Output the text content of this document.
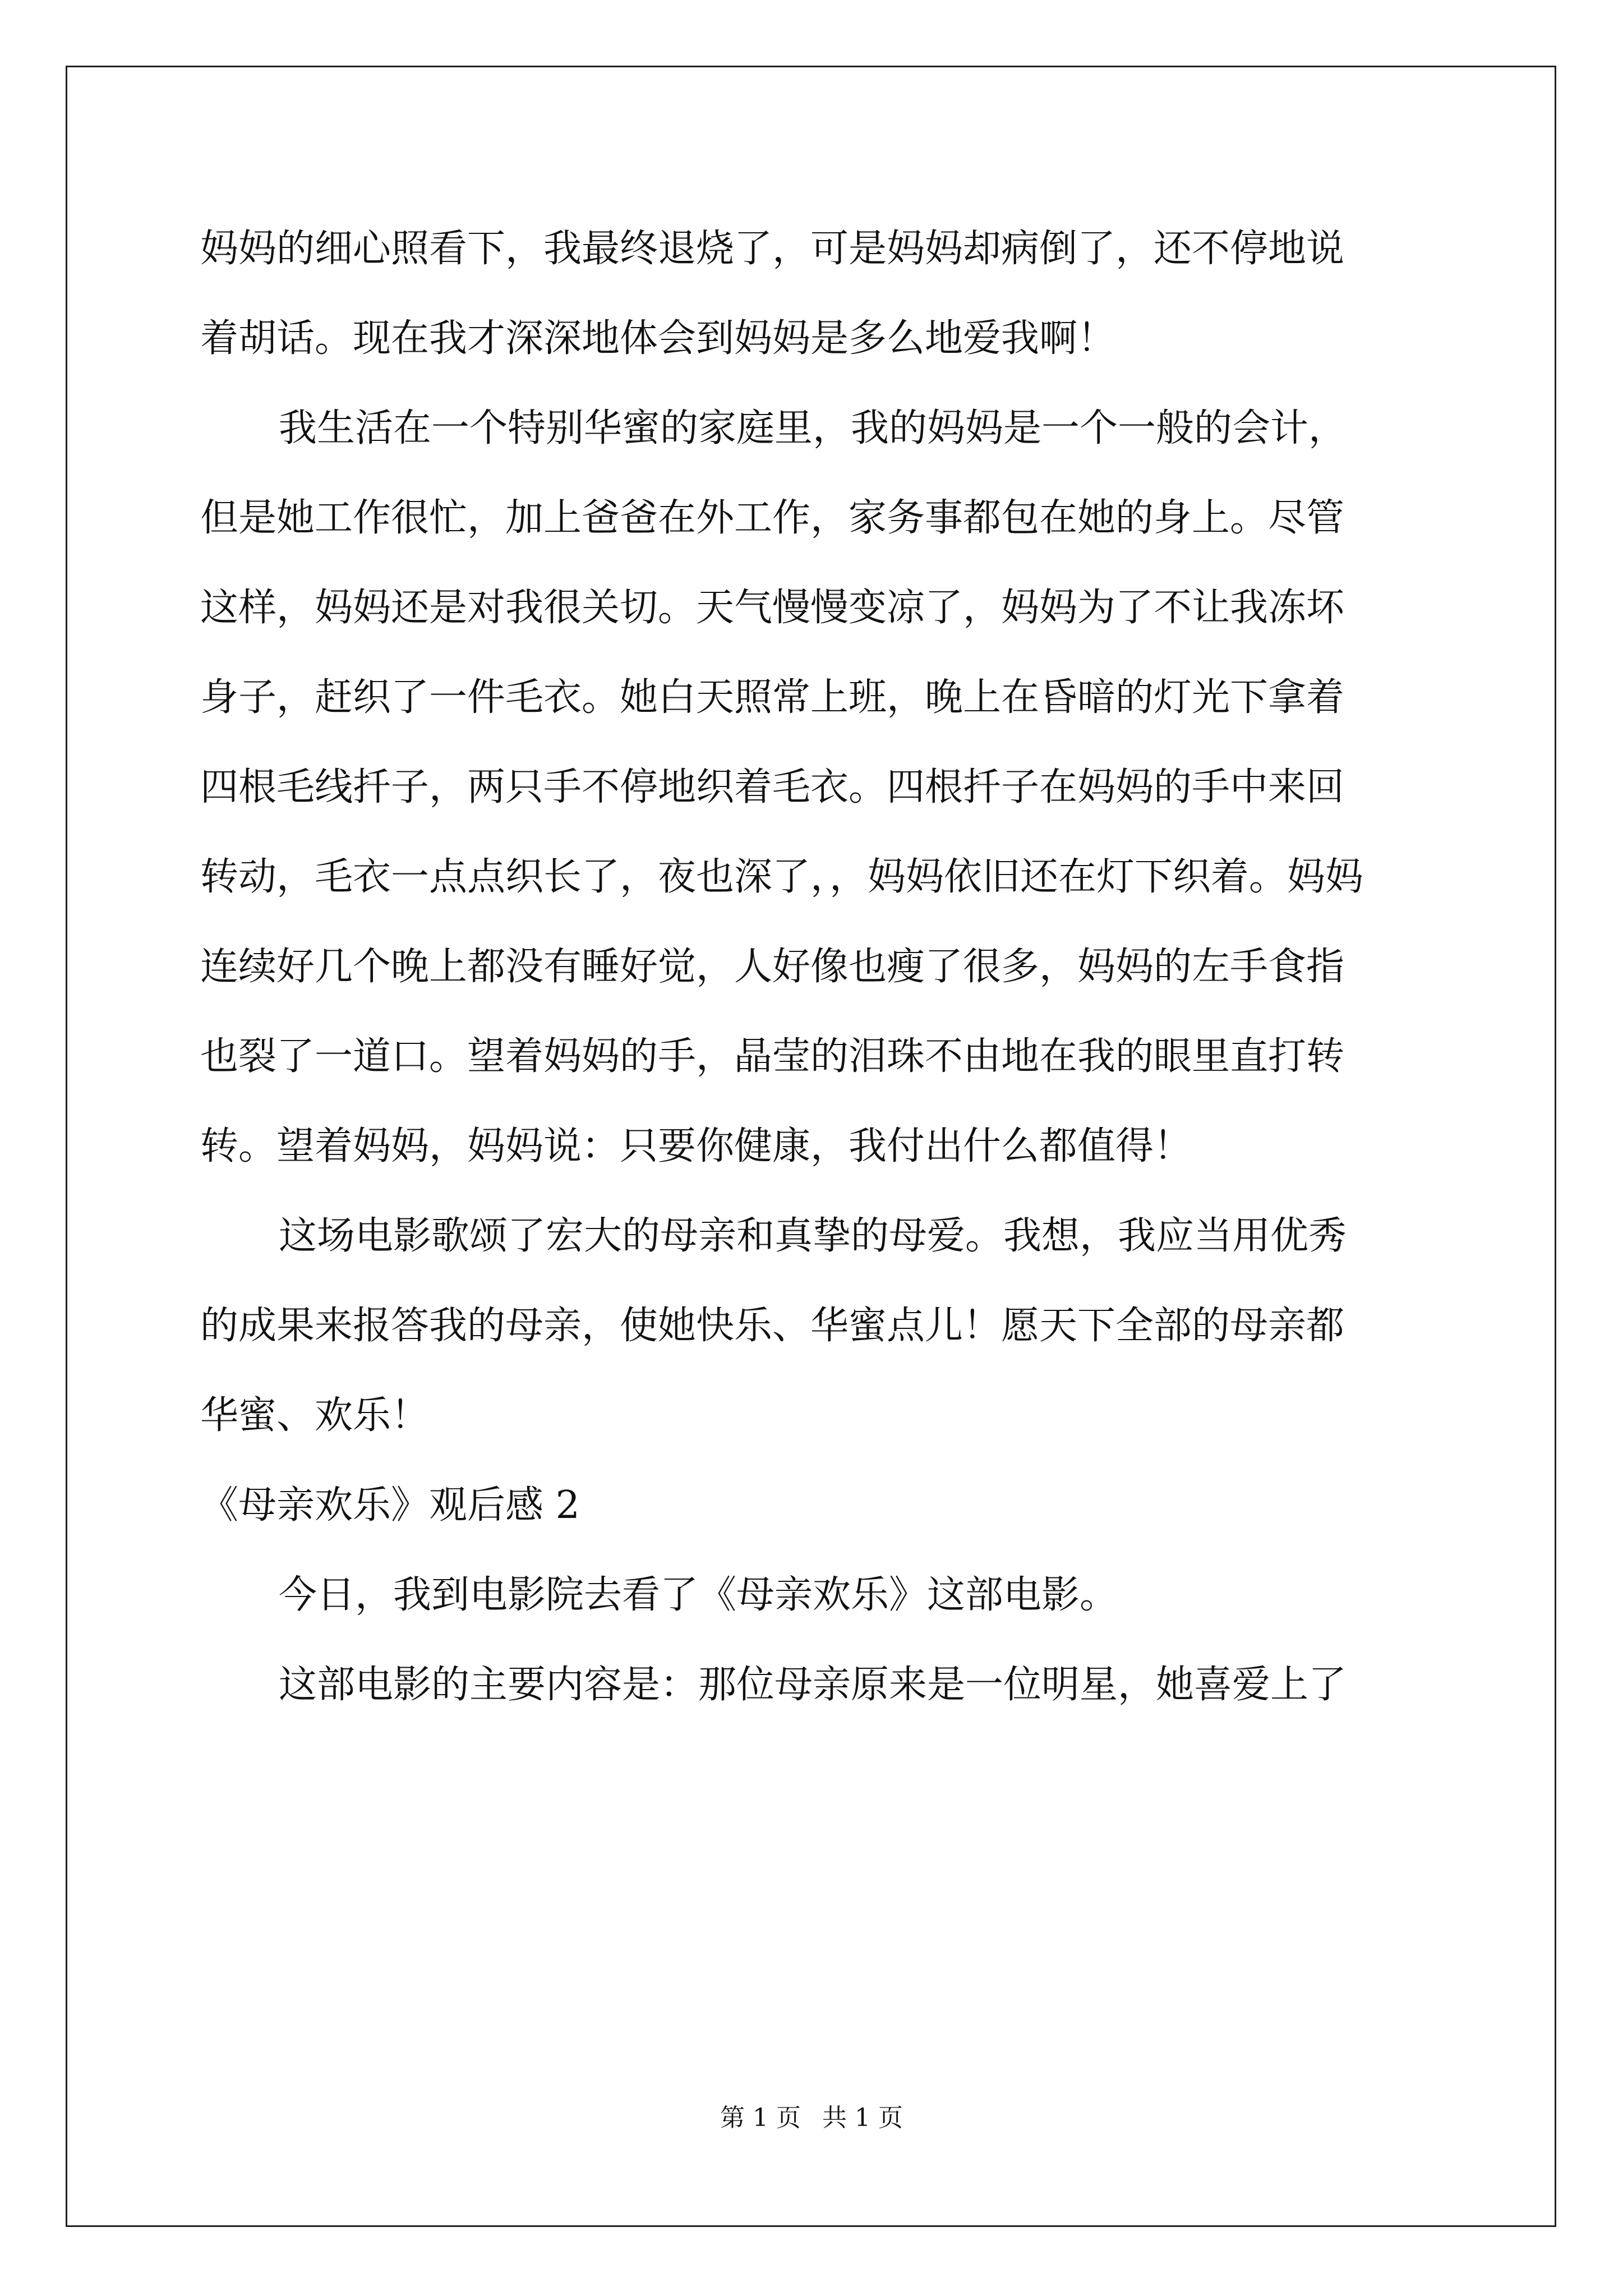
妈妈的细心照看下，我最终退烧了，可是妈妈却病倒了，还不停地说
着胡话。现在我才深深地体会到妈妈是多么地爱我啊！
我生活在一个特别华蜜的家庭里，我的妈妈是一个一般的会计，
但是她工作很忙，加上爸爸在外工作，家务事都包在她的身上。尽管
这样，妈妈还是对我很关切。天气慢慢变凉了，妈妈为了不让我冻坏
身子，赶织了一件毛衣。她白天照常上班，晚上在昏暗的灯光下拿着
四根毛线扦子，两只手不停地织着毛衣。四根扦子在妈妈的手中来回
转动，毛衣一点点织长了，夜也深了，，妈妈依旧还在灯下织着。妈妈
连续好几个晚上都没有睡好觉，人好像也瘦了很多，妈妈的左手食指
也裂了一道口。望着妈妈的手，晶莹的泪珠不由地在我的眼里直打转
转。望着妈妈，妈妈说：只要你健康，我付出什么都值得！
这场电影歌颂了宏大的母亲和真挚的母爱。我想，我应当用优秀
的成果来报答我的母亲，使她快乐、华蜜点儿！愿天下全部的母亲都
华蜜、欢乐！
《母亲欢乐》观后感 2
今日，我到电影院去看了《母亲欢乐》这部电影。
这部电影的主要内容是：那位母亲原来是一位明星，她喜爱上了
第 1 页 共 1 页
